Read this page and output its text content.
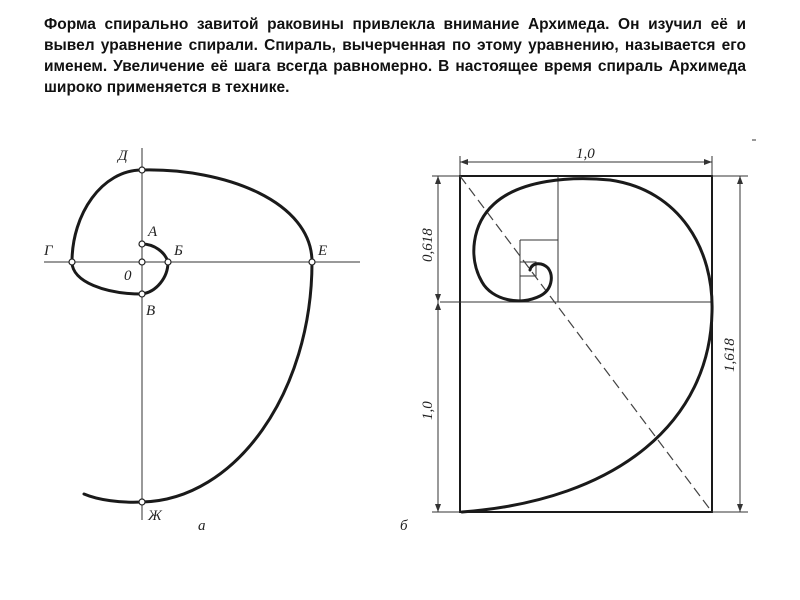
Форма спирально завитой раковины привлекла внимание Архимеда. Он изучил её и вывел уравнение спирали. Спираль, вычерченная по этому уравнению, называется его именем. Увеличение её шага всегда равномерно. В настоящее время спираль Архимеда широко применяется в технике.

Д
А
Г	Б	Е
0
В
Ж
а
1,0
0,618
1,0
1,618
б
